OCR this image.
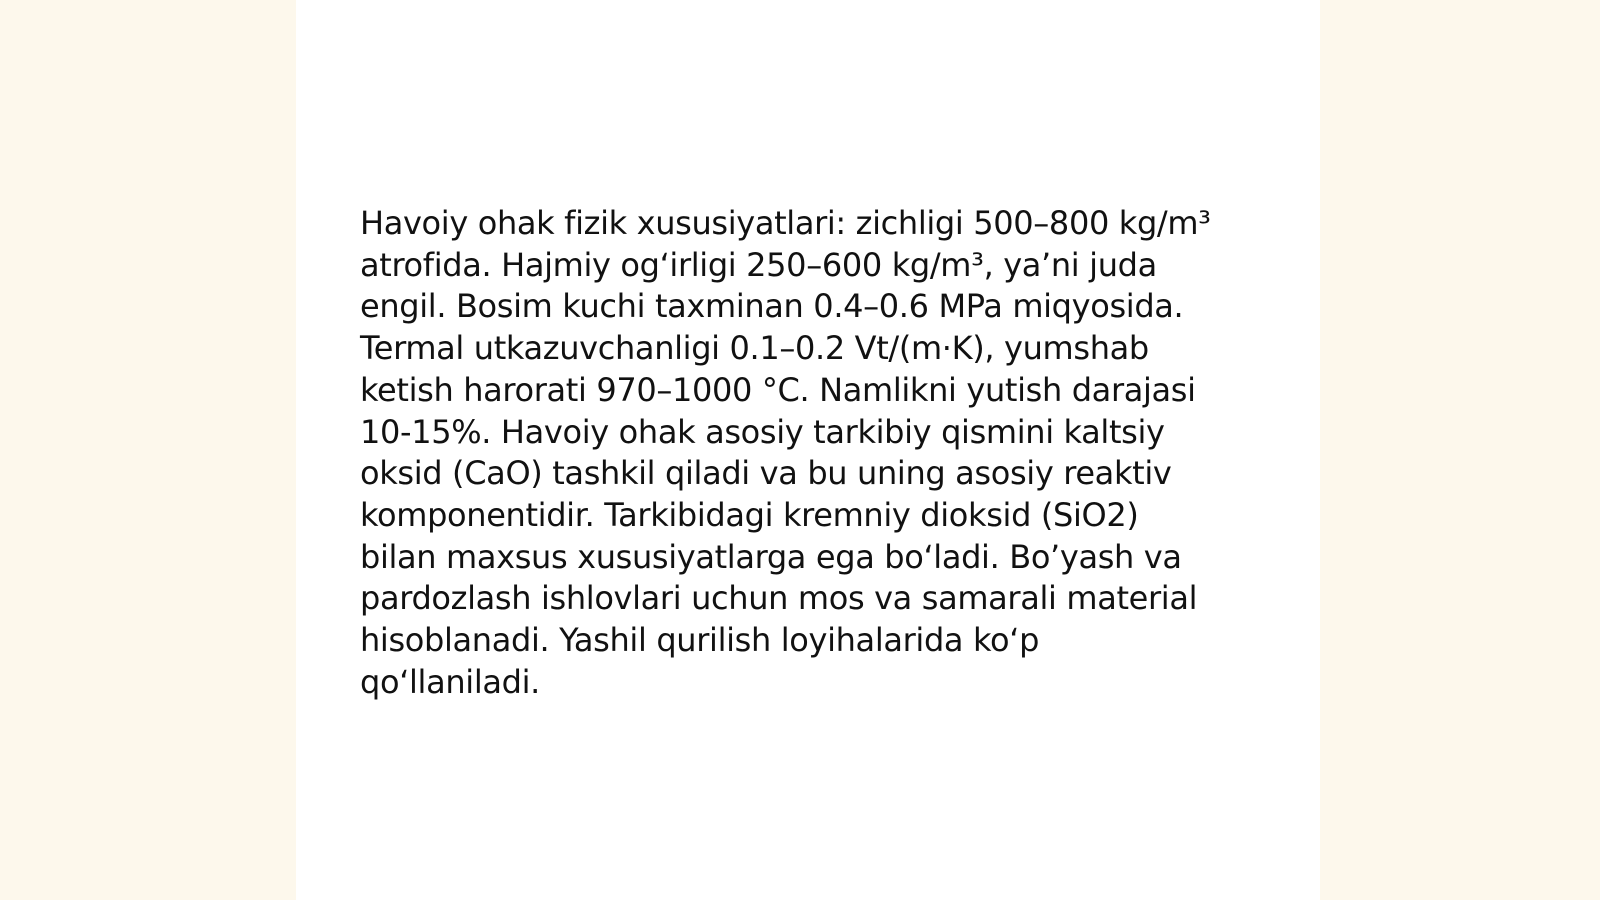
Havoiy ohak fizik xususiyatlari: zichligi 500–800 kg/m³
atrofida. Hajmiy ogʻirligi 250–600 kg/m³, yaʼni juda
engil. Bosim kuchi taxminan 0.4–0.6 MPa miqyosida.
Termal utkazuvchanligi 0.1–0.2 Vt/(m·K), yumshab
ketish harorati 970–1000 °C. Namlikni yutish darajasi
10-15%. Havoiy ohak asosiy tarkibiy qismini kaltsiy
oksid (CaO) tashkil qiladi va bu uning asosiy reaktiv
komponentidir. Tarkibidagi kremniy dioksid (SiO2)
bilan maxsus xususiyatlarga ega boʻladi. Boʼyash va
pardozlash ishlovlari uchun mos va samarali material
hisoblanadi. Yashil qurilish loyihalarida koʻp
qoʻllaniladi.
